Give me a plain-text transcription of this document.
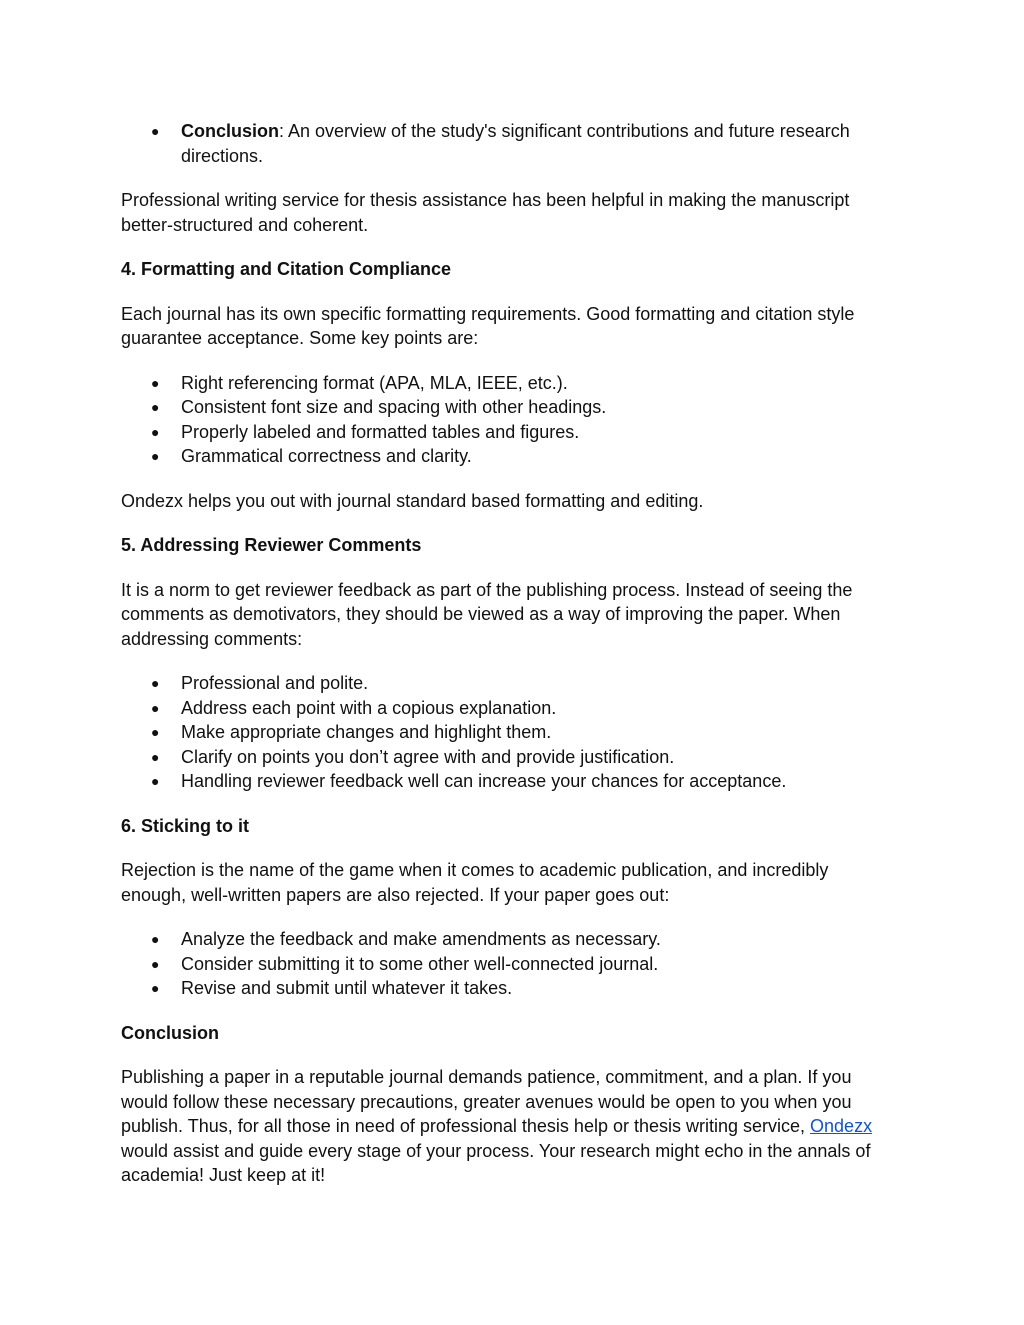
● Conclusion: An overview of the study's significant contributions and future research directions.

Professional writing service for thesis assistance has been helpful in making the manuscript better-structured and coherent.

4. Formatting and Citation Compliance

Each journal has its own specific formatting requirements. Good formatting and citation style guarantee acceptance. Some key points are:

● Right referencing format (APA, MLA, IEEE, etc.).
● Consistent font size and spacing with other headings.
● Properly labeled and formatted tables and figures.
● Grammatical correctness and clarity.

Ondezx helps you out with journal standard based formatting and editing.

5. Addressing Reviewer Comments

It is a norm to get reviewer feedback as part of the publishing process. Instead of seeing the comments as demotivators, they should be viewed as a way of improving the paper. When addressing comments:

● Professional and polite.
● Address each point with a copious explanation.
● Make appropriate changes and highlight them.
● Clarify on points you don’t agree with and provide justification.
● Handling reviewer feedback well can increase your chances for acceptance.
6. Sticking to it

Rejection is the name of the game when it comes to academic publication, and incredibly enough, well-written papers are also rejected. If your paper goes out:

● Analyze the feedback and make amendments as necessary.
● Consider submitting it to some other well-connected journal.
● Revise and submit until whatever it takes.
Conclusion

Publishing a paper in a reputable journal demands patience, commitment, and a plan. If you would follow these necessary precautions, greater avenues would be open to you when you publish. Thus, for all those in need of professional thesis help or thesis writing service, Ondezx would assist and guide every stage of your process. Your research might echo in the annals of academia! Just keep at it!
